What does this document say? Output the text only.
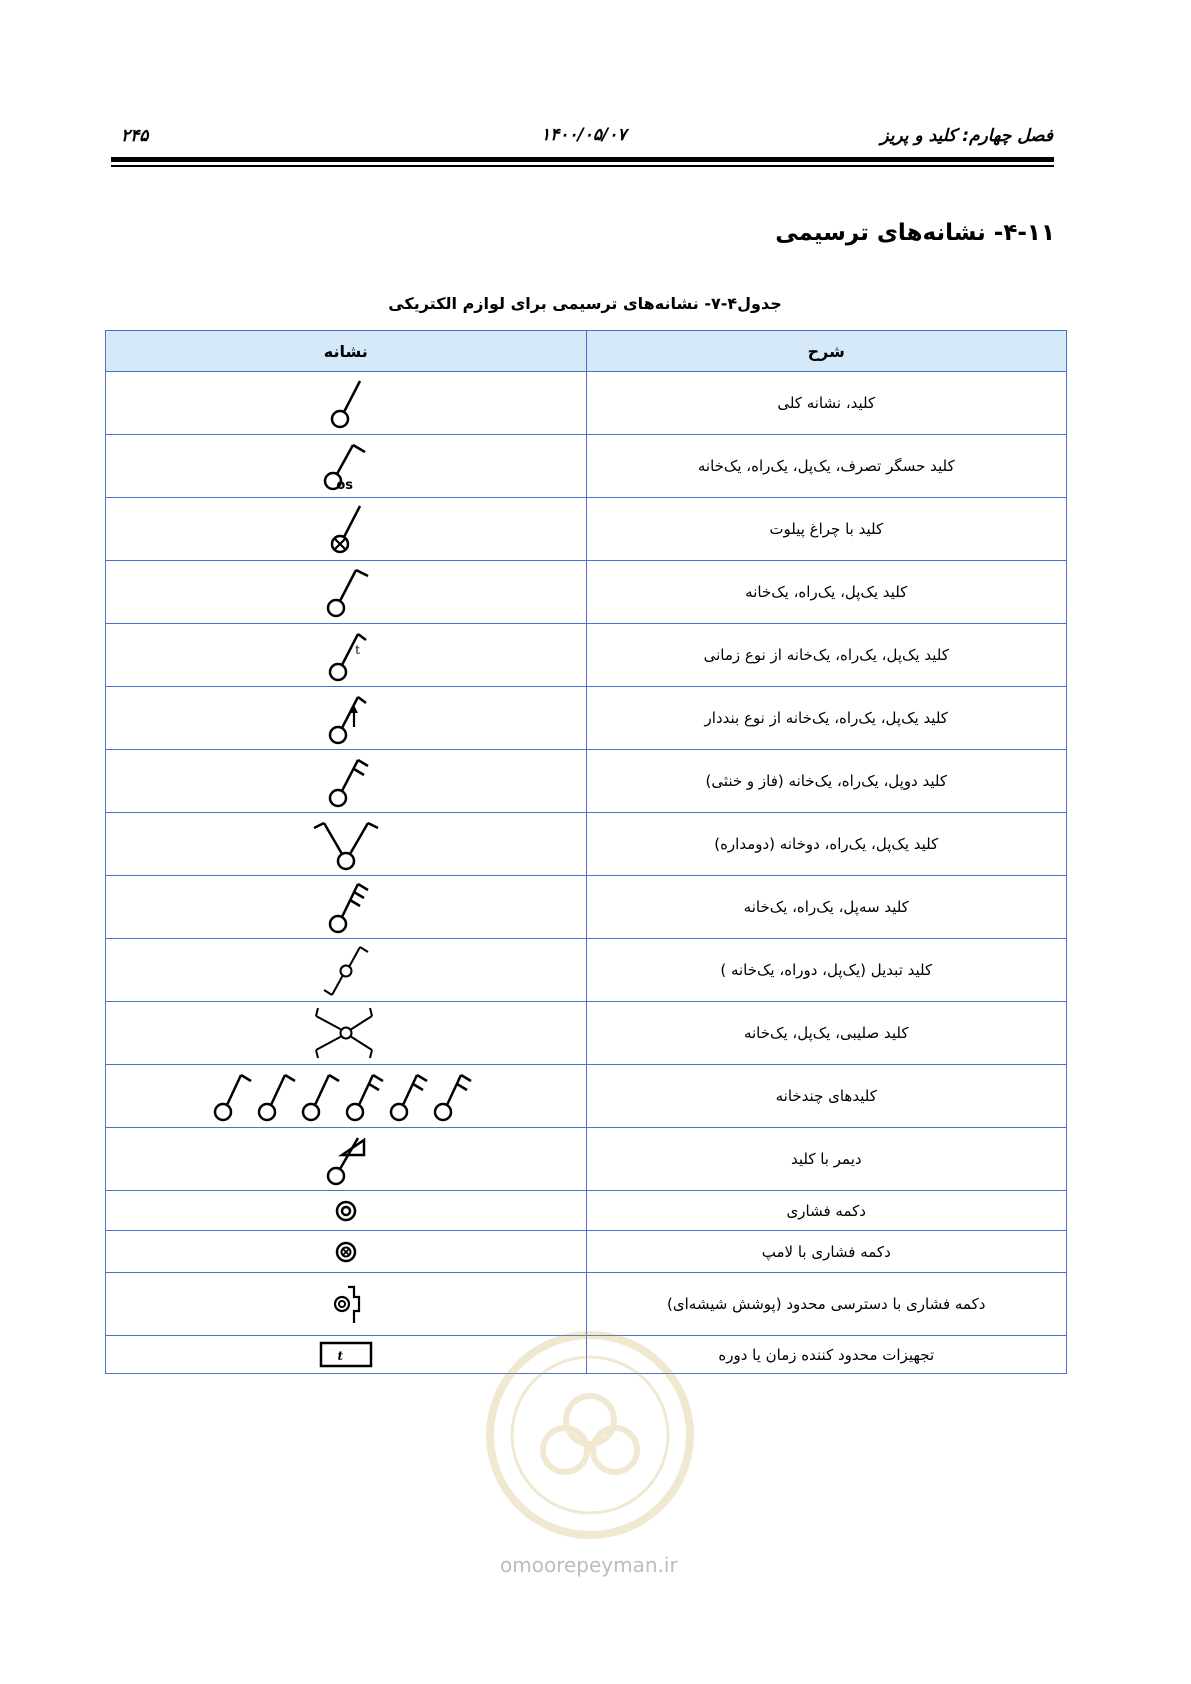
فصل چهارم: کلید و پریز
۱۴۰۰/۰۵/۰۷
۲۴۵
۴-۱۱- نشانه‌های ترسیمی
جدول۴-۷- نشانه‌های ترسیمی برای لوازم الکتریکی
شرح	نشانه
کلید، نشانه کلی	

کلید حسگر تصرف، یک‌پل، یک‌راه، یک‌خانه	os

کلید با چراغ پیلوت	

کلید یک‌پل، یک‌راه، یک‌خانه	

کلید یک‌پل، یک‌راه، یک‌خانه از نوع زمانی	t

کلید یک‌پل، یک‌راه، یک‌خانه از نوع بنددار	

کلید دوپل، یک‌راه، یک‌خانه (فاز و خنثی)	

کلید یک‌پل، یک‌راه، دوخانه (دومداره)	

کلید سه‌پل، یک‌راه، یک‌خانه	

کلید تبدیل (یک‌پل، دوراه، یک‌خانه )	

کلید صلیبی، یک‌پل، یک‌خانه	

کلیدهای چندخانه	

دیمر با کلید	

دکمه فشاری	

دکمه فشاری با لامپ	

دکمه فشاری با دسترسی محدود (پوشش شیشه‌ای)	

تجهیزات محدود کننده زمان یا دوره	t
omoorepeyman.ir
